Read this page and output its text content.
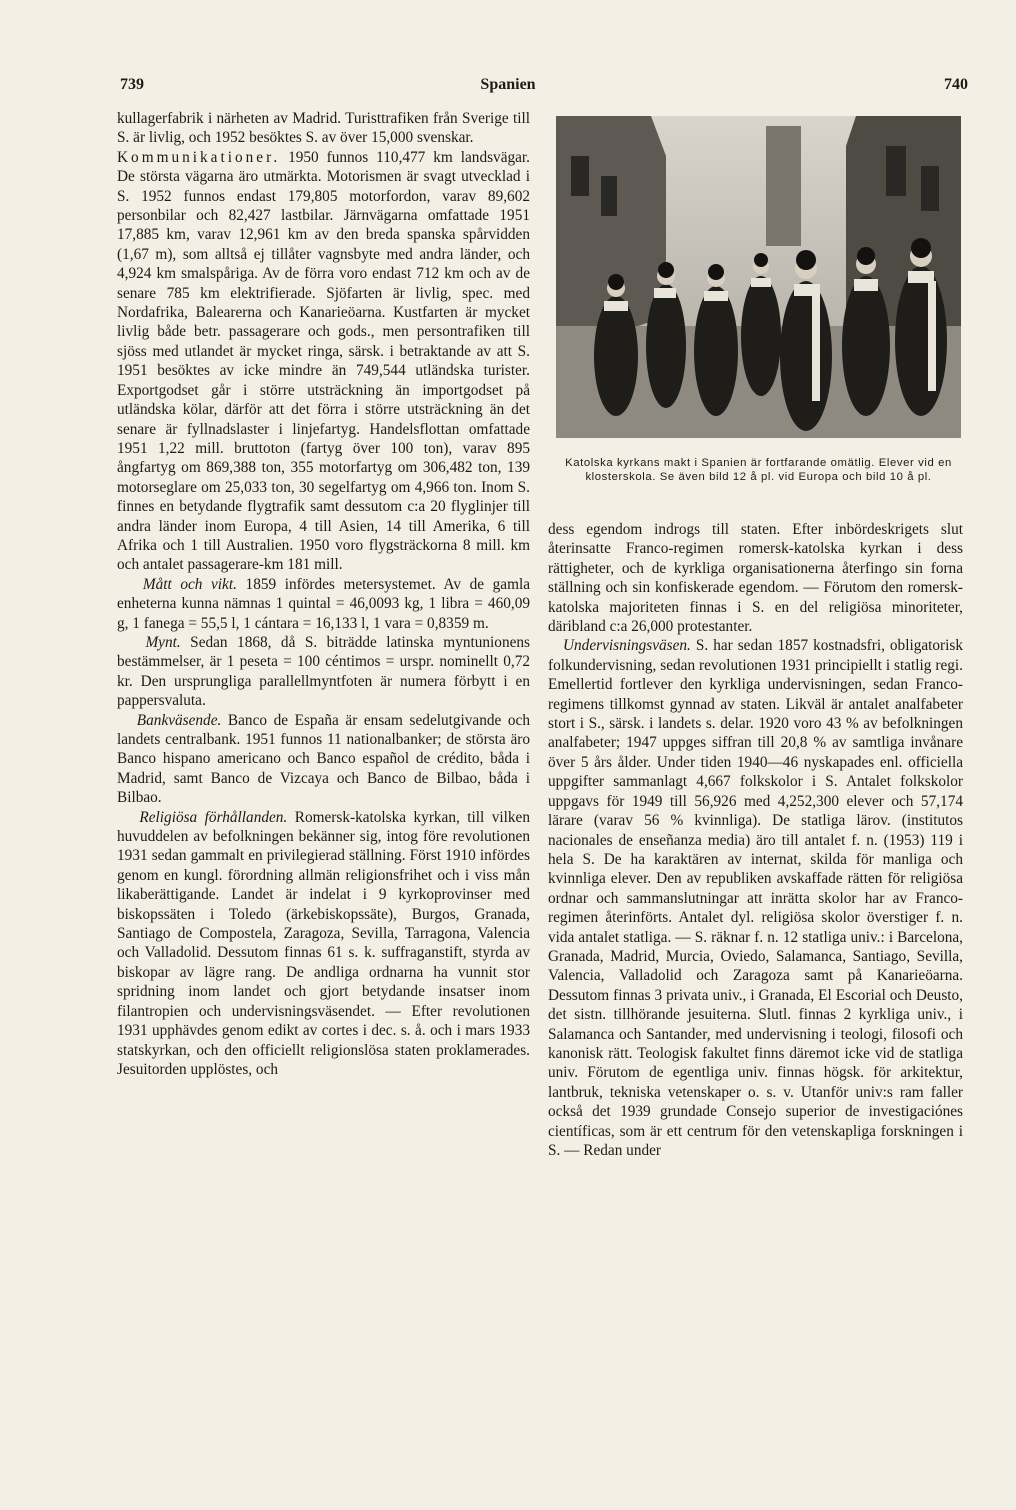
739	Spanien	740

kullagerfabrik i närheten av Madrid. Turisttrafiken från Sverige till S. är livlig, och 1952 besöktes S. av över 15,000 svenskar.

Kommunikationer. 1950 funnos 110,477 km landsvägar. De största vägarna äro utmärkta. Motorismen är svagt utvecklad i S. 1952 funnos endast 179,805 motorfordon, varav 89,602 personbilar och 82,427 lastbilar. Järnvägarna omfattade 1951 17,885 km, varav 12,961 km av den breda spanska spårvidden (1,67 m), som alltså ej tillåter vagnsbyte med andra länder, och 4,924 km smalspåriga. Av de förra voro endast 712 km och av de senare 785 km elektrifierade. Sjöfarten är livlig, spec. med Nordafrika, Balearerna och Kanarieöarna. Kustfarten är mycket livlig både betr. passagerare och gods., men persontrafiken till sjöss med utlandet är mycket ringa, särsk. i betraktande av att S. 1951 besöktes av icke mindre än 749,544 utländska turister. Exportgodset går i större utsträckning än importgodset på utländska kölar, därför att det förra i större utsträckning än det senare är fyllnadslaster i linjefartyg. Handelsflottan omfattade 1951 1,22 mill. bruttoton (fartyg över 100 ton), varav 895 ångfartyg om 869,388 ton, 355 motorfartyg om 306,482 ton, 139 motorseglare om 25,033 ton, 30 segelfartyg om 4,966 ton. Inom S. finnes en betydande flygtrafik samt dessutom c:a 20 flyglinjer till andra länder inom Europa, 4 till Asien, 14 till Amerika, 6 till Afrika och 1 till Australien. 1950 voro flygsträckorna 8 mill. km och antalet passagerare-km 181 mill.

Mått och vikt. 1859 infördes metersystemet. Av de gamla enheterna kunna nämnas 1 quintal = 46,0093 kg, 1 libra = 460,09 g, 1 fanega = 55,5 l, 1 cántara = 16,133 l, 1 vara = 0,8359 m.

Mynt. Sedan 1868, då S. biträdde latinska myntunionens bestämmelser, är 1 peseta = 100 céntimos = urspr. nominellt 0,72 kr. Den ursprungliga parallellmyntfoten är numera förbytt i en pappersvaluta.

Bankväsende. Banco de España är ensam sedelutgivande och landets centralbank. 1951 funnos 11 nationalbanker; de största äro Banco hispano americano och Banco español de crédito, båda i Madrid, samt Banco de Vizcaya och Banco de Bilbao, båda i Bilbao.

Religiösa förhållanden. Romersk-katolska kyrkan, till vilken huvuddelen av befolkningen bekänner sig, intog före revolutionen 1931 sedan gammalt en privilegierad ställning. Först 1910 infördes genom en kungl. förordning allmän religionsfrihet och i viss mån likaberättigande. Landet är indelat i 9 kyrkoprovinser med biskopssäten i Toledo (ärkebiskopssäte), Burgos, Granada, Santiago de Compostela, Zaragoza, Sevilla, Tarragona, Valencia och Valladolid. Dessutom finnas 61 s. k. suffraganstift, styrda av biskopar av lägre rang. De andliga ordnarna ha vunnit stor spridning inom landet och gjort betydande insatser inom filantropien och undervisningsväsendet. — Efter revolutionen 1931 upphävdes genom edikt av cortes i dec. s. å. och i mars 1933 statskyrkan, och den officiellt religionslösa staten proklamerades. Jesuitorden upplöstes, och

Katolska kyrkans makt i Spanien är fortfarande omätlig. Elever vid en klosterskola. Se även bild 12 å pl. vid Europa och bild 10 å pl.

dess egendom indrogs till staten. Efter inbördeskrigets slut återinsatte Franco-regimen romersk-katolska kyrkan i dess rättigheter, och de kyrkliga organisationerna återfingo sin forna ställning och sin konfiskerade egendom. — Förutom den romersk-katolska majoriteten finnas i S. en del religiösa minoriteter, däribland c:a 26,000 protestanter.

Undervisningsväsen. S. har sedan 1857 kostnadsfri, obligatorisk folkundervisning, sedan revolutionen 1931 principiellt i statlig regi. Emellertid fortlever den kyrkliga undervisningen, sedan Franco-regimens tillkomst gynnad av staten. Likväl är antalet analfabeter stort i S., särsk. i landets s. delar. 1920 voro 43 % av befolkningen analfabeter; 1947 uppges siffran till 20,8 % av samtliga invånare över 5 års ålder. Under tiden 1940—46 nyskapades enl. officiella uppgifter sammanlagt 4,667 folkskolor i S. Antalet folkskolor uppgavs för 1949 till 56,926 med 4,252,300 elever och 57,174 lärare (varav 56 % kvinnliga). De statliga lärov. (institutos nacionales de enseñanza media) äro till antalet f. n. (1953) 119 i hela S. De ha karaktären av internat, skilda för manliga och kvinnliga elever. Den av republiken avskaffade rätten för religiösa ordnar och sammanslutningar att inrätta skolor har av Franco-regimen återinförts. Antalet dyl. religiösa skolor överstiger f. n. vida antalet statliga. — S. räknar f. n. 12 statliga univ.: i Barcelona, Granada, Madrid, Murcia, Oviedo, Salamanca, Santiago, Sevilla, Valencia, Valladolid och Zaragoza samt på Kanarieöarna. Dessutom finnas 3 privata univ., i Granada, El Escorial och Deusto, det sistn. tillhörande jesuiterna. Slutl. finnas 2 kyrkliga univ., i Salamanca och Santander, med undervisning i teologi, filosofi och kanonisk rätt. Teologisk fakultet finns däremot icke vid de statliga univ. Förutom de egentliga univ. finnas högsk. för arkitektur, lantbruk, tekniska vetenskaper o. s. v. Utanför univ:s ram faller också det 1939 grundade Consejo superior de investigaciónes científicas, som är ett centrum för den vetenskapliga forskningen i S. — Redan under
